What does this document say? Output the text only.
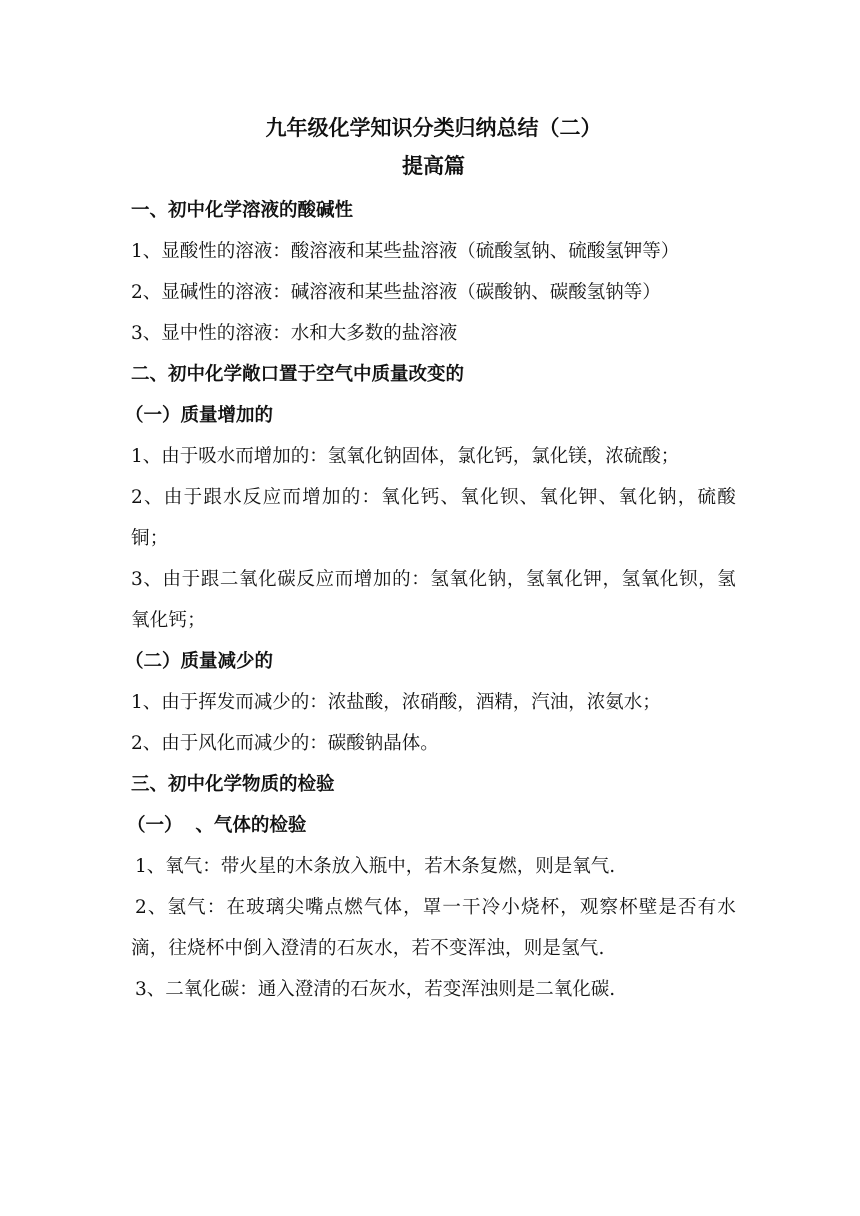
九年级化学知识分类归纳总结（二）

提高篇

一、初中化学溶液的酸碱性

1、显酸性的溶液：酸溶液和某些盐溶液（硫酸氢钠、硫酸氢钾等）

2、显碱性的溶液：碱溶液和某些盐溶液（碳酸钠、碳酸氢钠等）

3、显中性的溶液：水和大多数的盐溶液

二、初中化学敞口置于空气中质量改变的

（一）质量增加的

1、由于吸水而增加的：氢氧化钠固体，氯化钙，氯化镁，浓硫酸；

2、由于跟水反应而增加的：氧化钙、氧化钡、氧化钾、氧化钠，硫酸铜；

3、由于跟二氧化碳反应而增加的：氢氧化钠，氢氧化钾，氢氧化钡，氢氧化钙；

（二）质量减少的

1、由于挥发而减少的：浓盐酸，浓硝酸，酒精，汽油，浓氨水；

2、由于风化而减少的：碳酸钠晶体。

三、初中化学物质的检验

（一）  、气体的检验

1、氧气：带火星的木条放入瓶中，若木条复燃，则是氧气.

2、氢气：在玻璃尖嘴点燃气体，罩一干冷小烧杯，观察杯壁是否有水滴，往烧杯中倒入澄清的石灰水，若不变浑浊，则是氢气.

3、二氧化碳：通入澄清的石灰水，若变浑浊则是二氧化碳.
